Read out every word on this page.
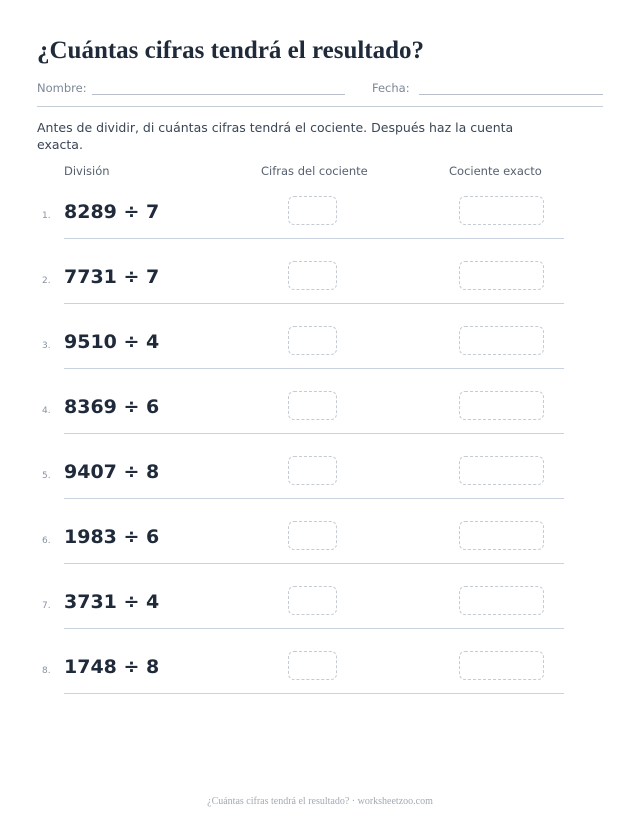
¿Cuántas cifras tendrá el resultado?
Nombre:	Fecha:

Antes de dividir, di cuántas cifras tendrá el cociente. Después haz la cuenta exacta.

División	Cifras del cociente	Cociente exacto
1. 8289 ÷ 7
2. 7731 ÷ 7
3. 9510 ÷ 4
4. 8369 ÷ 6
5. 9407 ÷ 8
6. 1983 ÷ 6
7. 3731 ÷ 4
8. 1748 ÷ 8
¿Cuántas cifras tendrá el resultado? · worksheetzoo.com
